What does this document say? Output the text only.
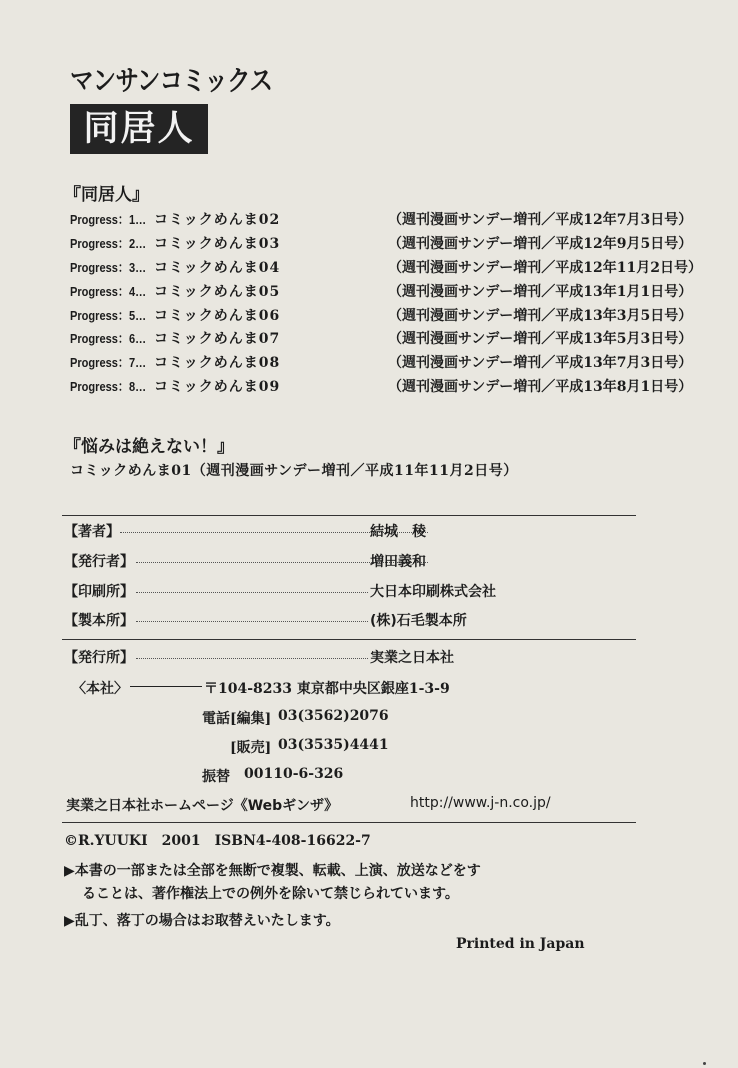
マンサンコミックス
同居人
『同居人』
Progress：1… コミックめんま02	（週刊漫画サンデー増刊／平成12年7月3日号）
Progress：2… コミックめんま03	（週刊漫画サンデー増刊／平成12年9月5日号）
Progress：3… コミックめんま04	（週刊漫画サンデー増刊／平成12年11月2日号）
Progress：4… コミックめんま05	（週刊漫画サンデー増刊／平成13年1月1日号）
Progress：5… コミックめんま06	（週刊漫画サンデー増刊／平成13年3月5日号）
Progress：6… コミックめんま07	（週刊漫画サンデー増刊／平成13年5月3日号）
Progress：7… コミックめんま08	（週刊漫画サンデー増刊／平成13年7月3日号）
Progress：8… コミックめんま09	（週刊漫画サンデー増刊／平成13年8月1日号）
『悩みは絶えない！』
コミックめんま01（週刊漫画サンデー増刊／平成11年11月2日号）
【著者】	結城　稜
【発行者】	増田義和
【印刷所】	大日本印刷株式会社
【製本所】	(株)石毛製本所
【発行所】	実業之日本社
〈本社〉	〒104-8233 東京都中央区銀座1-3-9
電話 [編集] 03(3562)2076
[販売] 03(3535)4441
振替 00110-6-326
実業之日本社ホームページ《Webギンザ》	http://www.j-n.co.jp/
©R.YUUKI　2001　ISBN4-408-16622-7
▶本書の一部または全部を無断で複製、転載、上演、放送などをす
ることは、著作権法上での例外を除いて禁じられています。
▶乱丁、落丁の場合はお取替えいたします。
Printed in Japan
